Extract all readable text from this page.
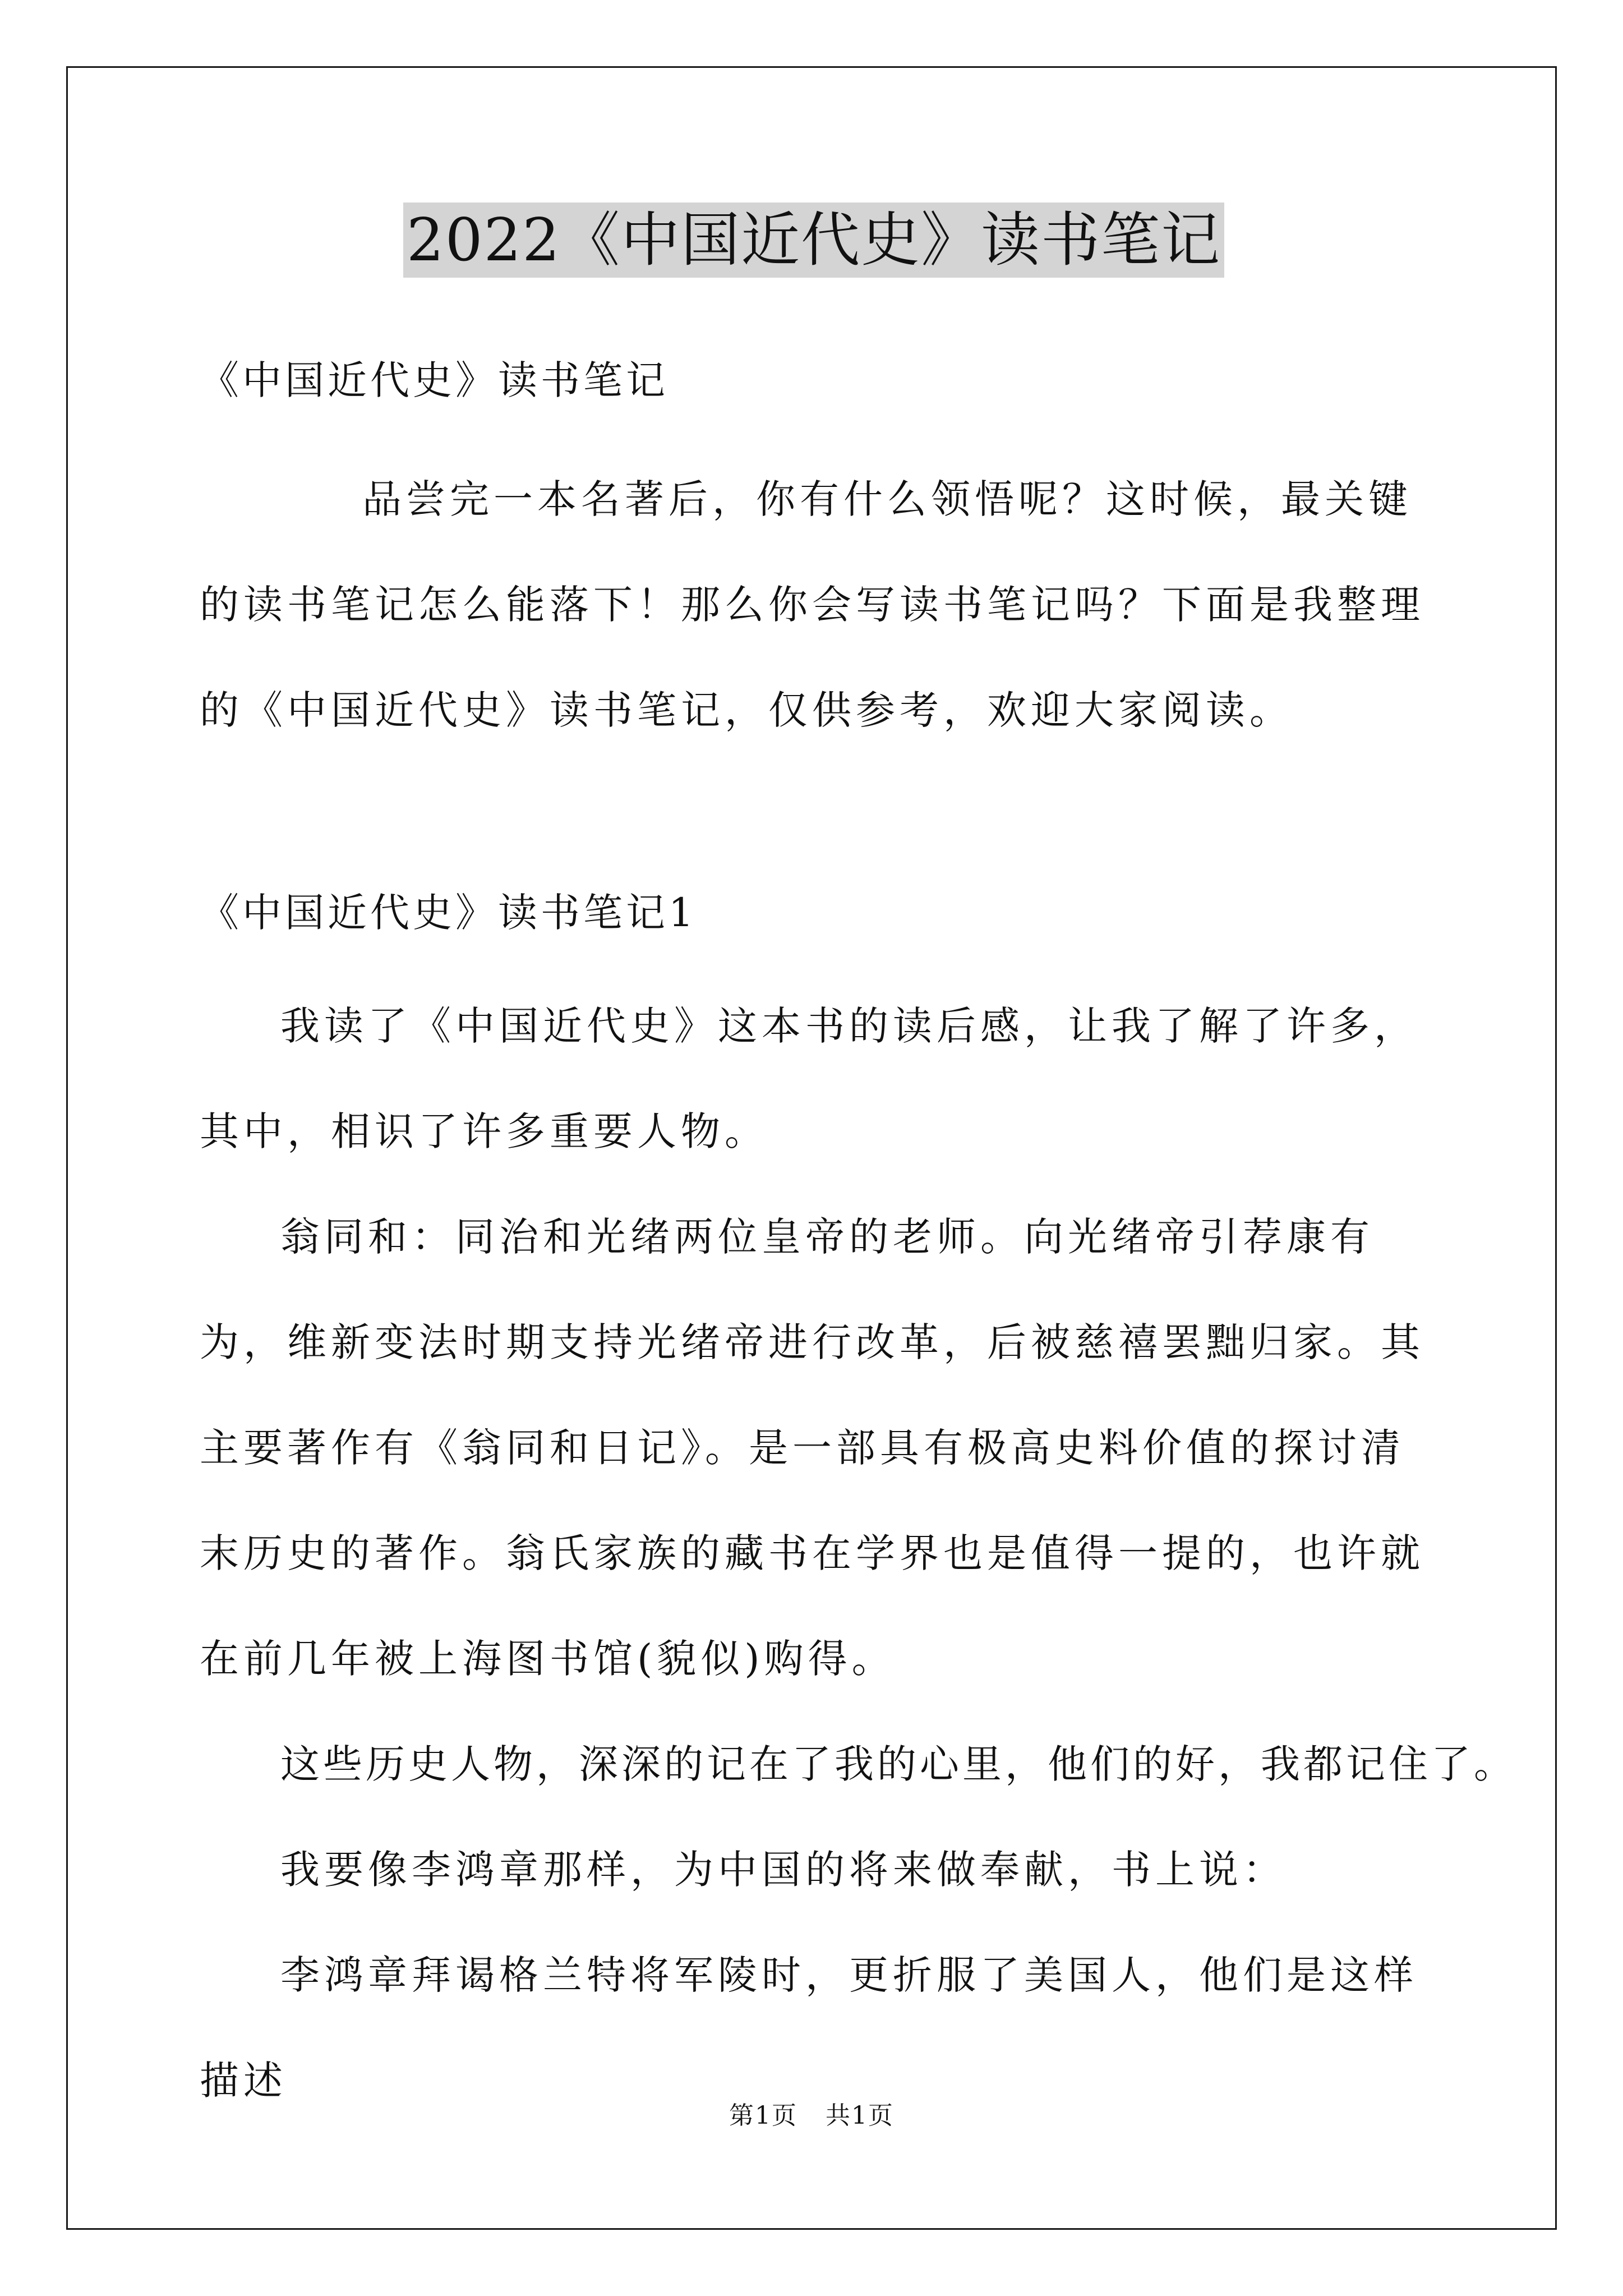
2022《中国近代史》读书笔记
《中国近代史》读书笔记

品尝完一本名著后，你有什么领悟呢？这时候，最关键的读书笔记怎么能落下！那么你会写读书笔记吗？下面是我整理的《中国近代史》读书笔记，仅供参考，欢迎大家阅读。

《中国近代史》读书笔记1

我读了《中国近代史》这本书的读后感，让我了解了许多，其中，相识了许多重要人物。

翁同和：同治和光绪两位皇帝的老师。向光绪帝引荐康有为，维新变法时期支持光绪帝进行改革，后被慈禧罢黜归家。其主要著作有《翁同和日记》。是一部具有极高史料价值的探讨清末历史的著作。翁氏家族的藏书在学界也是值得一提的，也许就在前几年被上海图书馆(貌似)购得。

这些历史人物，深深的记在了我的心里，他们的好，我都记住了。

我要像李鸿章那样，为中国的将来做奉献，书上说：

李鸿章拜谒格兰特将军陵时，更折服了美国人，他们是这样描述

第1页 共1页
